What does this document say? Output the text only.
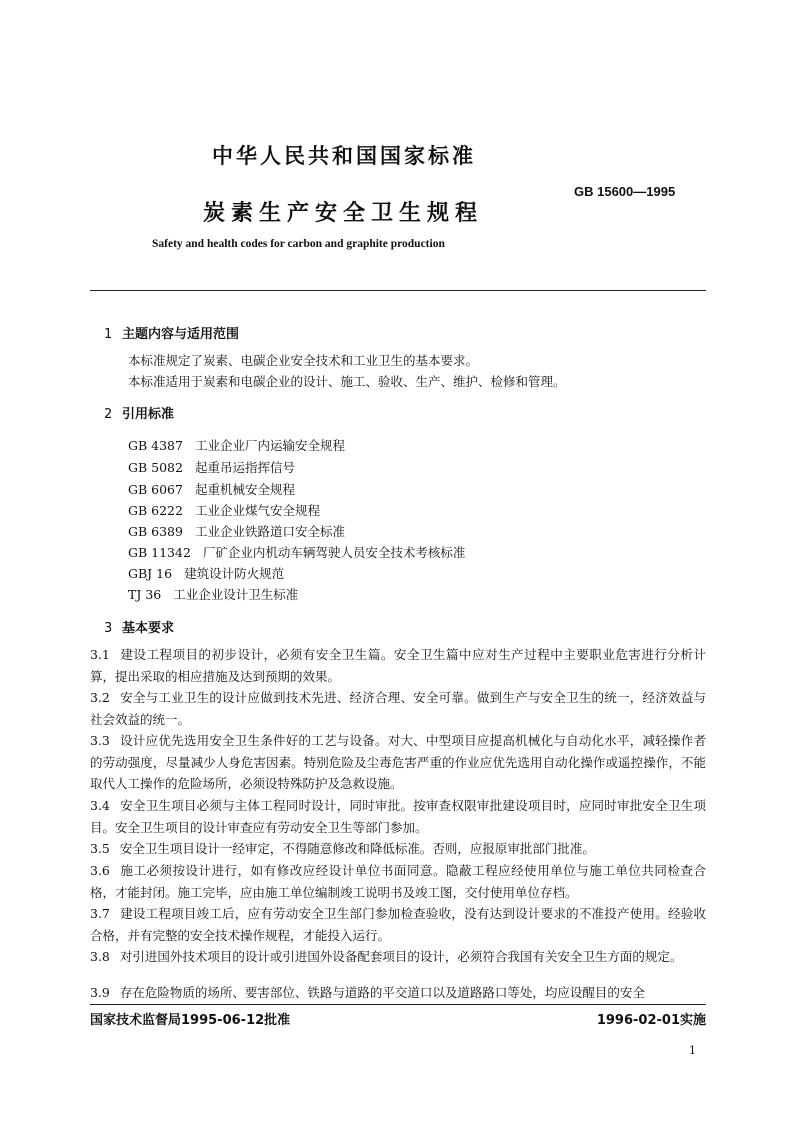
中华人民共和国国家标准
GB 15600—1995
炭素生产安全卫生规程
Safety and health codes for carbon and graphite production
1 主题内容与适用范围
本标准规定了炭素、电碳企业安全技术和工业卫生的基本要求。
本标准适用于炭素和电碳企业的设计、施工、验收、生产、维护、检修和管理。
2 引用标准
GB 4387 工业企业厂内运输安全规程
GB 5082 起重吊运指挥信号
GB 6067 起重机械安全规程
GB 6222 工业企业煤气安全规程
GB 6389 工业企业铁路道口安全标准
GB 11342 厂矿企业内机动车辆驾驶人员安全技术考核标准
GBJ 16 建筑设计防火规范
TJ 36 工业企业设计卫生标准
3 基本要求
3.1 建设工程项目的初步设计，必须有安全卫生篇。安全卫生篇中应对生产过程中主要职业危害进行分析计算，提出采取的相应措施及达到预期的效果。
3.2 安全与工业卫生的设计应做到技术先进、经济合理、安全可靠。做到生产与安全卫生的统一，经济效益与社会效益的统一。
3.3 设计应优先选用安全卫生条件好的工艺与设备。对大、中型项目应提高机械化与自动化水平，减轻操作者的劳动强度，尽量减少人身危害因素。特别危险及尘毒危害严重的作业应优先选用自动化操作或遥控操作，不能取代人工操作的危险场所，必须设特殊防护及急救设施。
3.4 安全卫生项目必须与主体工程同时设计，同时审批。按审查权限审批建设项目时，应同时审批安全卫生项目。安全卫生项目的设计审查应有劳动安全卫生等部门参加。
3.5 安全卫生项目设计一经审定，不得随意修改和降低标准。否则，应报原审批部门批准。
3.6 施工必须按设计进行，如有修改应经设计单位书面同意。隐蔽工程应经使用单位与施工单位共同检查合格，才能封闭。施工完毕，应由施工单位编制竣工说明书及竣工图，交付使用单位存档。
3.7 建设工程项目竣工后，应有劳动安全卫生部门参加检查验收，没有达到设计要求的不准投产使用。经验收合格，并有完整的安全技术操作规程，才能投入运行。
3.8 对引进国外技术项目的设计或引进国外设备配套项目的设计，必须符合我国有关安全卫生方面的规定。
3.9 存在危险物质的场所、要害部位、铁路与道路的平交道口以及道路路口等处，均应设醒目的安全
国家技术监督局1995-06-12批准	1996-02-01实施
1
